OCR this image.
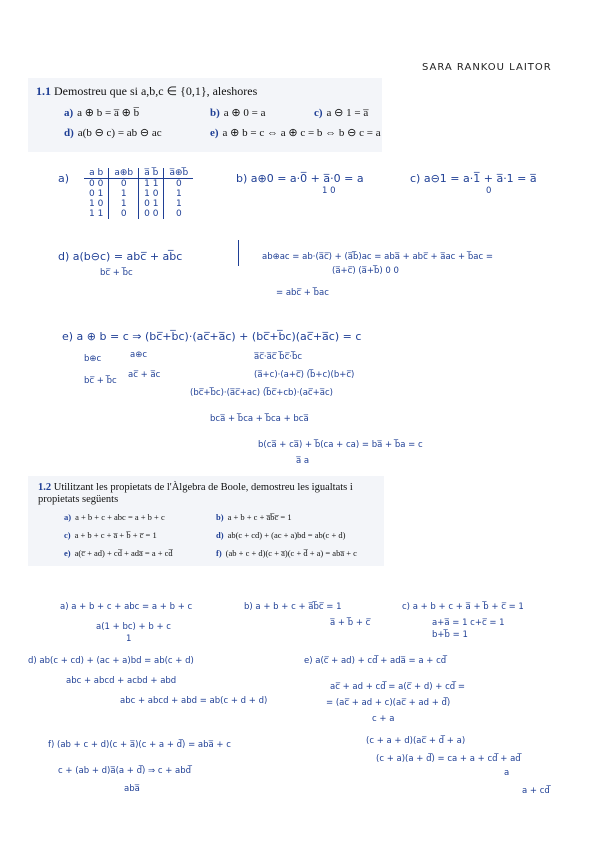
SARA RANKOU LAITOR
1.1 Demostreu que si a,b,c ∈ {0,1}, aleshores
a) a ⊕ b = a̅ ⊕ b̅	b) a ⊕ 0 = a	c) a ⊖ 1 = a̅
d) a(b ⊖ c) = ab ⊖ ac	e) a ⊕ b = c ⇔ a ⊕ c = b ⇔ b ⊖ c = a
a) a b	a⊕b	a̅ b̅	a̅⊕b̅
0 0	0	1 1	0
0 1	1	1 0	1
1 0	1	0 1	1
1 1	0	0 0	0
b) a⊕0 = a·0̅ + a̅·0 = a
1 0
c) a⊖1 = a·1̅ + a̅·1 = a̅
0
d) a(b⊖c) = abc̅ + ab̅c
bc̅ + b̅c
ab⊕ac = ab·(a̅c̅) + (a̅b̅)ac = aba̅ + abc̅ + a̅ac + b̅ac =
(a̅+c̅) (a̅+b̅) 0 0
= abc̅ + b̅ac
e) a ⊕ b = c ⇒ (bc̅+b̅c)·(ac̅+a̅c) + (bc̅+b̅c)(ac̅+a̅c) = c
b⊕c
bc̅ + b̅c
a⊕c
ac̅ + a̅c
a̅c̅·a̅c̅ b̅c̅·b̅c
(a̅+c)·(a+c̅) (b̅+c)(b+c̅)
(bc̅+b̅c)·(a̅c̅+ac) (b̅c̅+cb)·(ac̅+a̅c)
bca̅ + b̅ca + b̅ca + bca̅
b(ca̅ + ca̅) + b̅(ca + ca) = ba̅ + b̅a = c
a̅ a
1.2 Utilitzant les propietats de l'Àlgebra de Boole, demostreu les igualtats i propietats següents
a) a + b + c + abc = a + b + c	b) a + b + c + a̅b̅c̅ = 1
c) a + b + c + a̅ + b̅ + c̅ = 1	d) ab(c + cd) + (ac + a)bd = ab(c + d)
e) a(c̅ + ad) + cd̅ + ada̅ = a + cd̅	f) (ab + c + d)(c + a̅)(c + d̅ + a) = aba̅ + c
a) a + b + c + abc = a + b + c
a(1 + bc) + b + c
1
b) a + b + c + a̅b̅c̅ = 1
a̅ + b̅ + c̅
c) a + b + c + a̅ + b̅ + c̅ = 1
a+a̅ = 1 c+c̅ = 1
b+b̅ = 1
d) ab(c + cd) + (ac + a)bd = ab(c + d)
abc + abcd + acbd + abd
abc + abcd + abd = ab(c + d + d)
e) a(c̅ + ad) + cd̅ + ada̅ = a + cd̅
ac̅ + ad + cd̅ = a(c̅ + d) + cd̅ =
= (ac̅ + ad + c)(ac̅ + ad + d̅)
c + a
f) (ab + c + d)(c + a̅)(c + a + d̅) = aba̅ + c
c + (ab + d)a̅(a + d̅) ⇒ c + abd̅
aba̅
(c + a + d)(ac̅ + d̅ + a)
(c + a)(a + d̅) = ca + a + cd̅ + ad̅
a
a + cd̅
